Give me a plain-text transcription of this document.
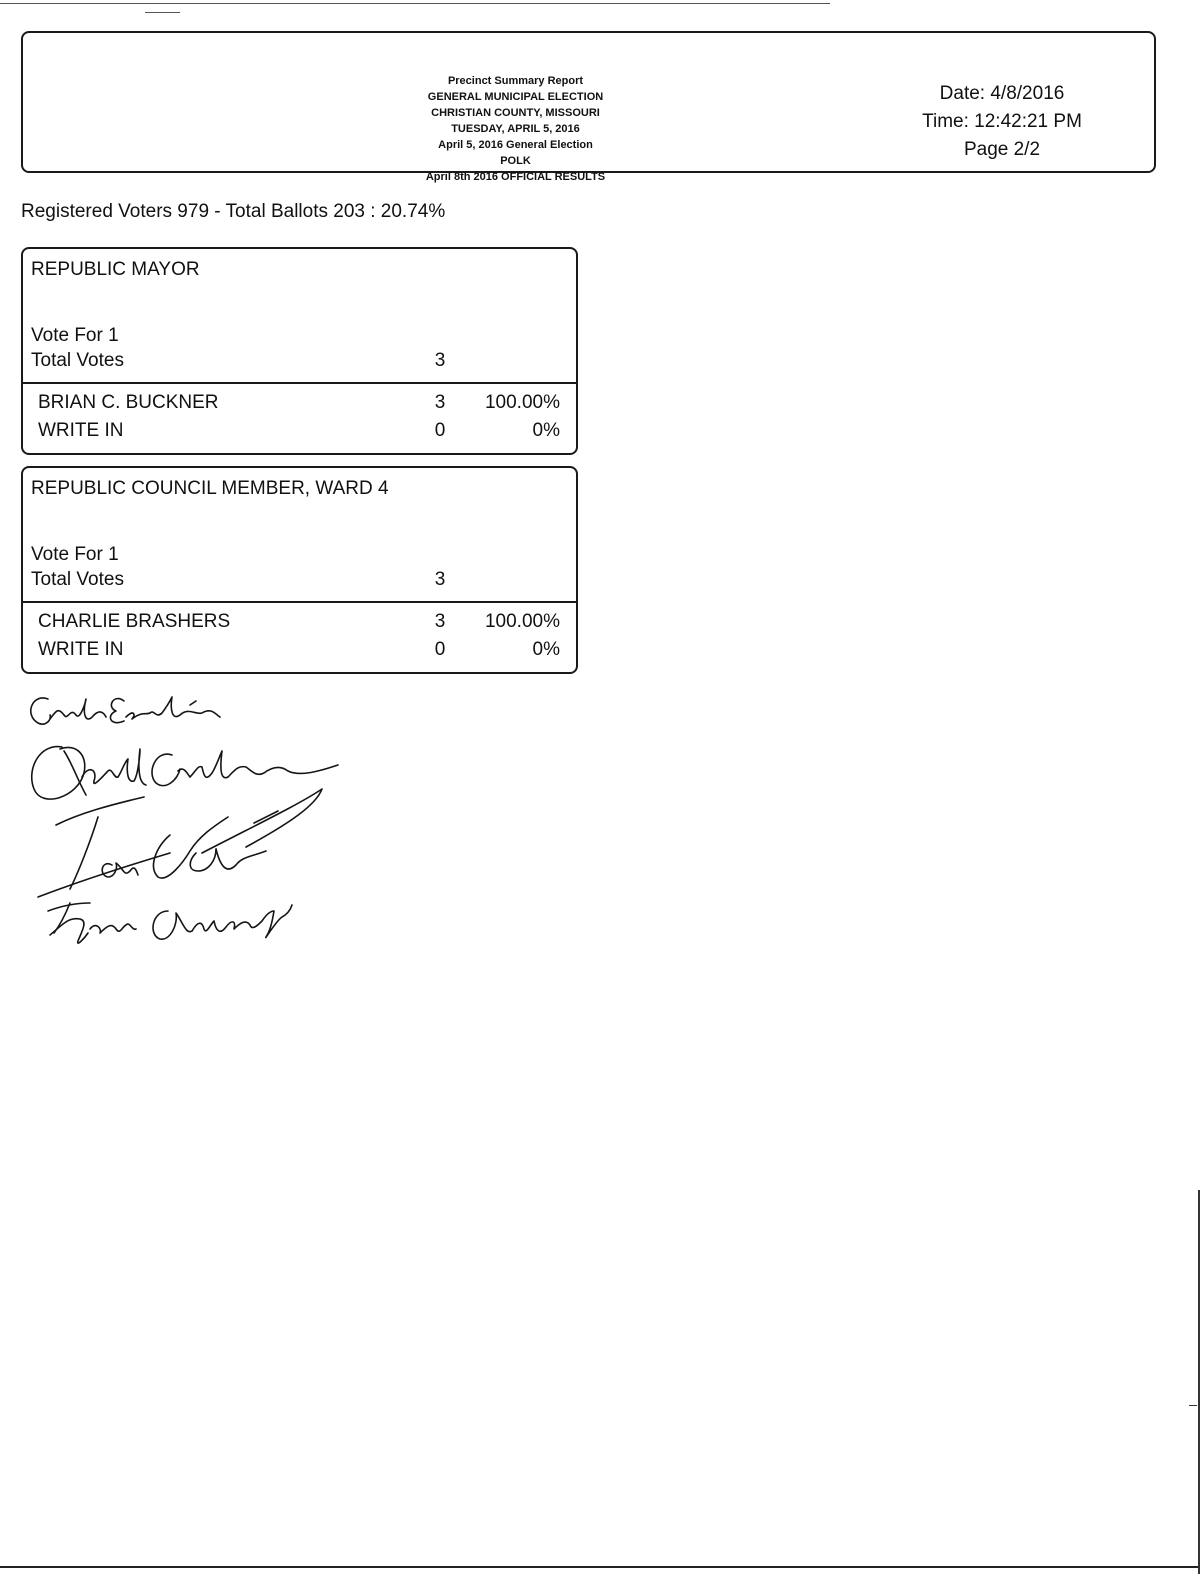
Precinct Summary Report
GENERAL MUNICIPAL ELECTION
CHRISTIAN COUNTY, MISSOURI
TUESDAY, APRIL 5, 2016
April 5, 2016 General Election
POLK
April 8th 2016 OFFICIAL RESULTS
Date: 4/8/2016
Time: 12:42:21 PM
Page 2/2
Registered Voters 979 - Total Ballots 203 : 20.74%
REPUBLIC MAYOR
Vote For 1
Total Votes	3
BRIAN C. BUCKNER	3	100.00%
WRITE IN	0	0%
REPUBLIC COUNCIL MEMBER, WARD 4
Vote For 1
Total Votes	3
CHARLIE BRASHERS	3	100.00%
WRITE IN	0	0%
